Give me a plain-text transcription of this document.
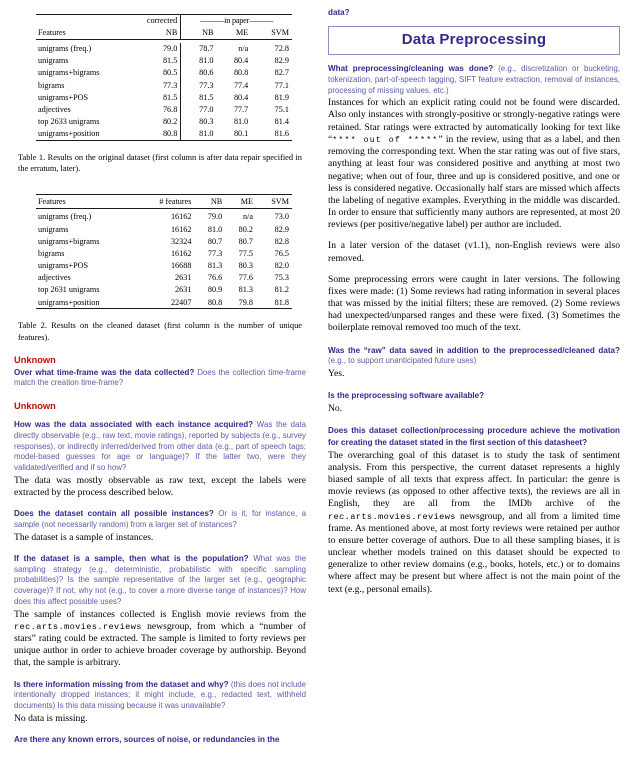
	corrected	———in paper———		
Features	NB	NB	ME	SVM

unigrams (freq.)	79.0	78.7	n/a	72.8
unigrams	81.5	81.0	80.4	82.9
unigrams+bigrams	80.5	80.6	80.8	82.7
bigrams	77.3	77.3	77.4	77.1
unigrams+POS	81.5	81.5	80.4	81.9
adjectives	76.8	77.0	77.7	75.1
top 2633 unigrams	80.2	80.3	81.0	81.4
unigrams+position	80.8	81.0	80.1	81.6
Table 1. Results on the original dataset (first column is after data repair specified in the erratum, later).
Features	# features	NB	ME	SVM

unigrams (freq.)	16162	79.0	n/a	73.0
unigrams	16162	81.0	80.2	82.9
unigrams+bigrams	32324	80.7	80.7	82.8
bigrams	16162	77.3	77.5	76.5
unigrams+POS	16688	81.3	80.3	82.0
adjectives	2631	76.6	77.6	75.3
top 2631 unigrams	2631	80.9	81.3	81.2
unigrams+position	22407	80.8	79.8	81.8
Table 2. Results on the cleaned dataset (first column is the number of unique features).
Unknown
Over what time-frame was the data collected? Does the collection time-frame match the creation time-frame?
Unknown
How was the data associated with each instance acquired? Was the data directly observable (e.g., raw text, movie ratings), reported by subjects (e.g., survey responses), or indirectly inferred/derived from other data (e.g., part of speech tags; model-based guesses for age or language)? If the latter two, were they validated/verified and if so how?
The data was mostly observable as raw text, except the labels were extracted by the process described below.
Does the dataset contain all possible instances? Or is it, for instance, a sample (not necessarily random) from a larger set of instances?
The dataset is a sample of instances.
If the dataset is a sample, then what is the population? What was the sampling strategy (e.g., deterministic, probabilistic with specific sampling probabilities)? Is the sample representative of the larger set (e.g., geographic coverage)? If not, why not (e.g., to cover a more diverse range of instances)? How does this affect possible uses?
The sample of instances collected is English movie reviews from the rec.arts.movies.reviews newsgroup, from which a “number of stars” rating could be extracted. The sample is limited to forty reviews per unique author in order to achieve broader coverage by authorship. Beyond that, the sample is arbitrary.
Is there information missing from the dataset and why? (this does not include intentionally dropped instances; it might include, e.g., redacted text, withheld documents) Is this data missing because it was unavailable?
No data is missing.
Are there any known errors, sources of noise, or redundancies in the
data?
Data Preprocessing
What preprocessing/cleaning was done? (e.g., discretization or bucketing, tokenization, part-of-speech tagging, SIFT feature extraction, removal of instances, processing of missing values, etc.)
Instances for which an explicit rating could not be found were discarded. Also only instances with strongly-positive or strongly-negative ratings were retained. Star ratings were extracted by automatically looking for text like “**** out of *****” in the review, using that as a label, and then removing the corresponding text. When the star rating was out of five stars, anything at least four was considered positive and anything at most two negative; when out of four, three and up is considered positive, and one or less is considered negative. Occasionally half stars are missed which affects the labeling of negative examples. Everything in the middle was discarded. In order to ensure that sufficiently many authors are represented, at most 20 reviews (per positive/negative label) per author are included.
In a later version of the dataset (v1.1), non-English reviews were also removed.
Some preprocessing errors were caught in later versions. The following fixes were made: (1) Some reviews had rating information in several places that was missed by the initial filters; these are removed. (2) Some reviews had unexpected/unparsed ranges and these were fixed. (3) Sometimes the boilerplate removal removed too much of the text.
Was the “raw” data saved in addition to the preprocessed/cleaned data? (e.g., to support unanticipated future uses)
Yes.
Is the preprocessing software available?
No.
Does this dataset collection/processing procedure achieve the motivation for creating the dataset stated in the first section of this datasheet?
The overarching goal of this dataset is to study the task of sentiment analysis. From this perspective, the current dataset represents a highly biased sample of all texts that express affect. In particular: the genre is movie reviews (as opposed to other affective texts), the reviews are all in English, they are all from the IMDb archive of the rec.arts.movies.reviews newsgroup, and all from a limited time frame. As mentioned above, at most forty reviews were retained per author to ensure better coverage of authors. Due to all these sampling biases, it is unclear whether models trained on this dataset should be expected to generalize to other review domains (e.g., books, hotels, etc.) or to domains where affect may be present but where affect is not the main point of the text (e.g., personal emails).
